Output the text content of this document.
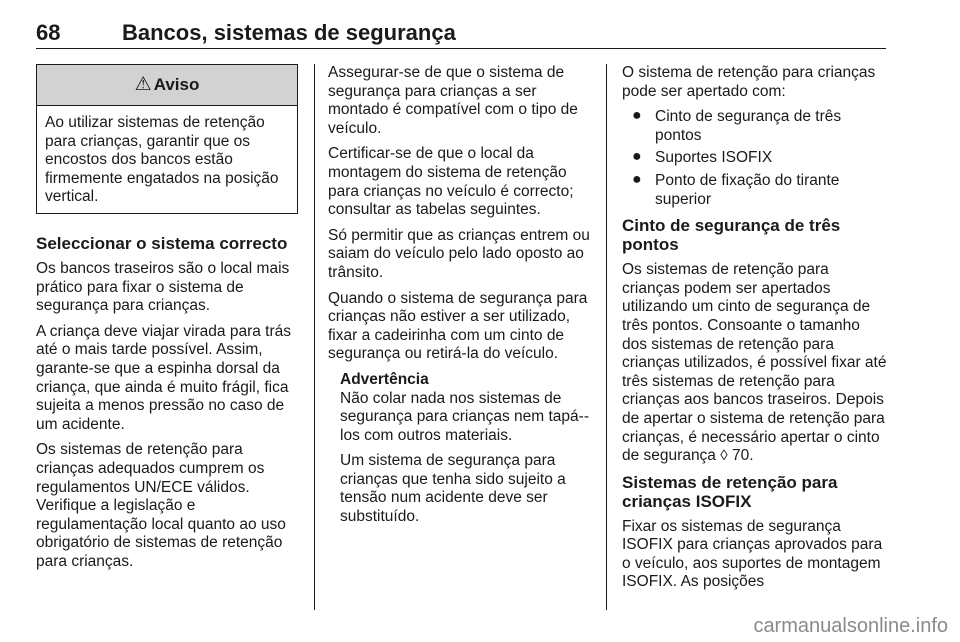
68	Bancos, sistemas de segurança
⚠ Aviso
Ao utilizar sistemas de retenção para crianças, garantir que os encostos dos bancos estão firmemente engatados na posição vertical.
Seleccionar o sistema correcto

Os bancos traseiros são o local mais prático para fixar o sistema de segurança para crianças.

A criança deve viajar virada para trás até o mais tarde possível. Assim, garante-se que a espinha dorsal da criança, que ainda é muito frágil, fica sujeita a menos pressão no caso de um acidente.

Os sistemas de retenção para crianças adequados cumprem os regulamentos UN/ECE válidos. Verifique a legislação e regulamentação local quanto ao uso obrigatório de sistemas de retenção para crianças.

Assegurar-se de que o sistema de segurança para crianças a ser montado é compatível com o tipo de veículo.

Certificar-se de que o local da montagem do sistema de retenção para crianças no veículo é correcto; consultar as tabelas seguintes.

Só permitir que as crianças entrem ou saiam do veículo pelo lado oposto ao trânsito.

Quando o sistema de segurança para crianças não estiver a ser utilizado, fixar a cadeirinha com um cinto de segurança ou retirá-la do veículo.

Advertência

Não colar nada nos sistemas de segurança para crianças nem tapá--los com outros materiais.

Um sistema de segurança para crianças que tenha sido sujeito a tensão num acidente deve ser substituído.

O sistema de retenção para crianças pode ser apertado com:

● Cinto de segurança de três pontos
● Suportes ISOFIX
● Ponto de fixação do tirante superior
Cinto de segurança de três pontos

Os sistemas de retenção para crianças podem ser apertados utilizando um cinto de segurança de três pontos. Consoante o tamanho dos sistemas de retenção para crianças utilizados, é possível fixar até três sistemas de retenção para crianças aos bancos traseiros. Depois de apertar o sistema de retenção para crianças, é necessário apertar o cinto de segurança ◊ 70.

Sistemas de retenção para crianças ISOFIX

Fixar os sistemas de segurança ISOFIX para crianças aprovados para o veículo, aos suportes de montagem ISOFIX. As posições

carmanualsonline.info
